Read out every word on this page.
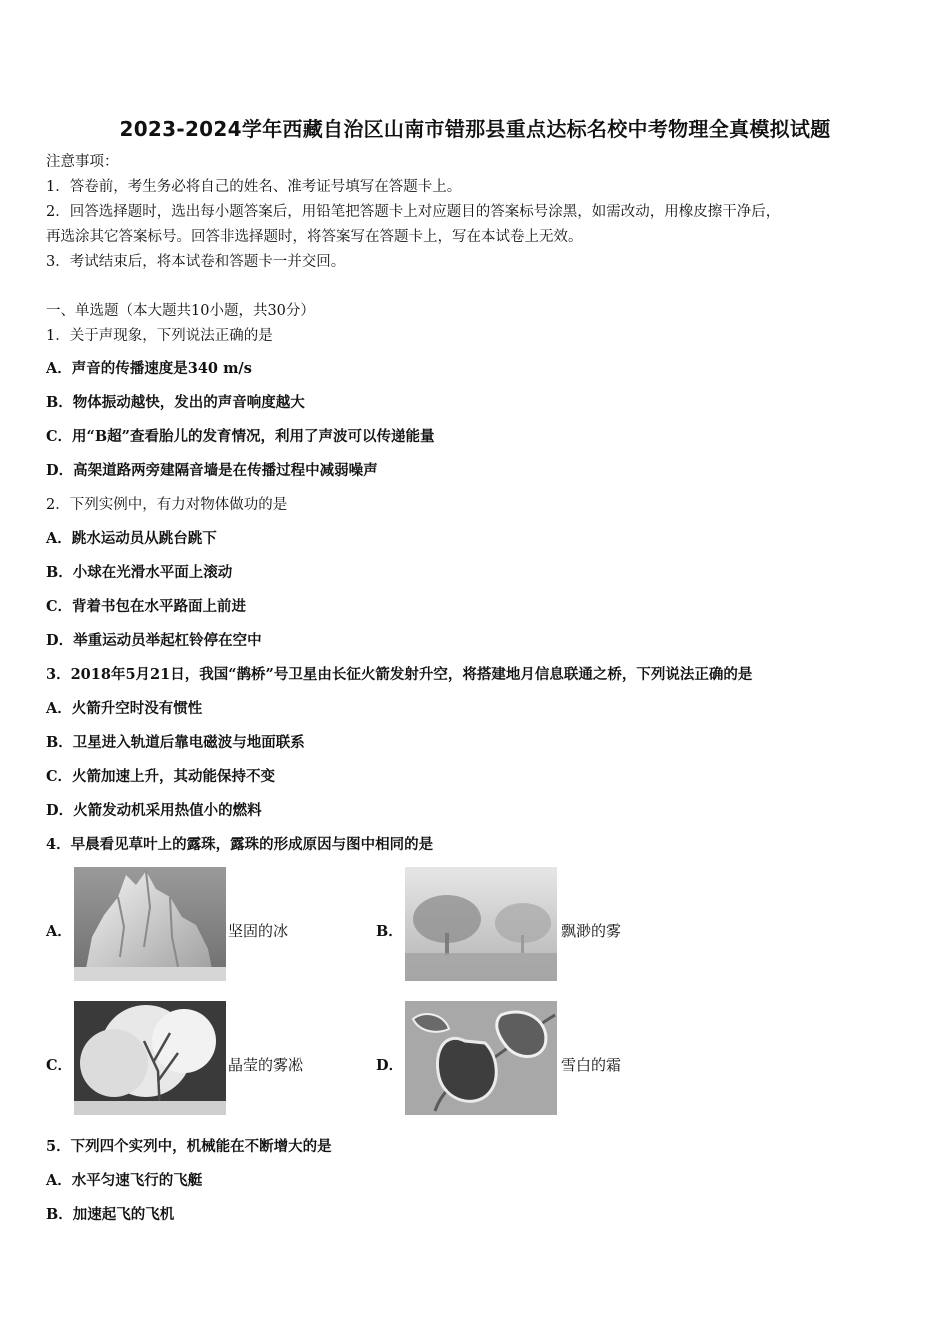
2023-2024学年西藏自治区山南市错那县重点达标名校中考物理全真模拟试题
注意事项：
1．答卷前，考生务必将自己的姓名、准考证号填写在答题卡上。
2．回答选择题时，选出每小题答案后，用铅笔把答题卡上对应题目的答案标号涂黑，如需改动，用橡皮擦干净后，
再选涂其它答案标号。回答非选择题时，将答案写在答题卡上，写在本试卷上无效。
3．考试结束后，将本试卷和答题卡一并交回。
一、单选题（本大题共10小题，共30分）
1．关于声现象，下列说法正确的是
A．声音的传播速度是340 m/s
B．物体振动越快，发出的声音响度越大
C．用“B超”查看胎儿的发育情况，利用了声波可以传递能量
D．高架道路两旁建隔音墙是在传播过程中减弱噪声
2．下列实例中，有力对物体做功的是
A．跳水运动员从跳台跳下
B．小球在光滑水平面上滚动
C．背着书包在水平路面上前进
D．举重运动员举起杠铃停在空中
3．2018年5月21日，我国“鹊桥”号卫星由长征火箭发射升空，将搭建地月信息联通之桥，下列说法正确的是
A．火箭升空时没有惯性
B．卫星进入轨道后靠电磁波与地面联系
C．火箭加速上升，其动能保持不变
D．火箭发动机采用热值小的燃料
4．早晨看见草叶上的露珠，露珠的形成原因与图中相同的是
A．	坚固的冰	B．	飘渺的雾
C．	晶莹的雾凇	D．	雪白的霜
5．下列四个实列中，机械能在不断增大的是
A．水平匀速飞行的飞艇
B．加速起飞的飞机
